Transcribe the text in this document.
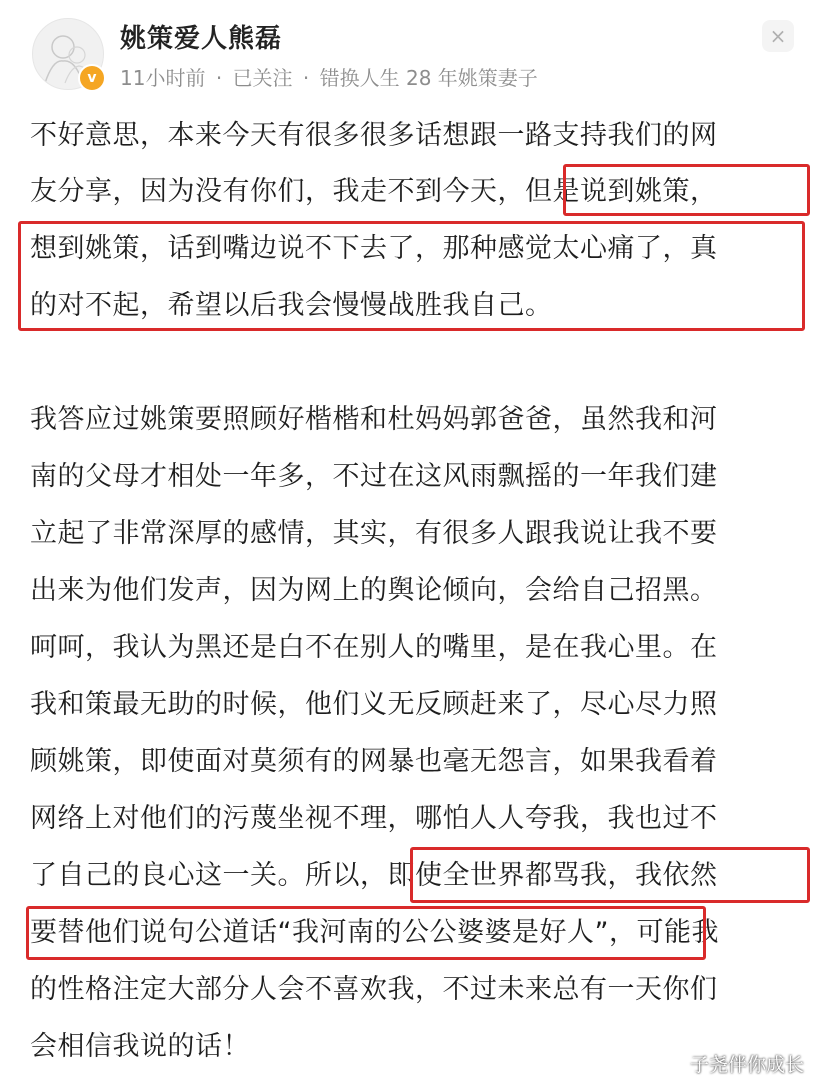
v
姚策爱人熊磊
11小时前 · 已关注 · 错换人生 28 年姚策妻子
×
不好意思，本来今天有很多很多话想跟一路支持我们的网
友分享，因为没有你们，我走不到今天，但是说到姚策，
想到姚策，话到嘴边说不下去了，那种感觉太心痛了，真
的对不起，希望以后我会慢慢战胜我自己。
我答应过姚策要照顾好楷楷和杜妈妈郭爸爸，虽然我和河
南的父母才相处一年多，不过在这风雨飘摇的一年我们建
立起了非常深厚的感情，其实，有很多人跟我说让我不要
出来为他们发声，因为网上的舆论倾向，会给自己招黑。
呵呵，我认为黑还是白不在别人的嘴里，是在我心里。在
我和策最无助的时候，他们义无反顾赶来了，尽心尽力照
顾姚策，即使面对莫须有的网暴也毫无怨言，如果我看着
网络上对他们的污蔑坐视不理，哪怕人人夸我，我也过不
了自己的良心这一关。所以，即使全世界都骂我，我依然
要替他们说句公道话“我河南的公公婆婆是好人”，可能我
的性格注定大部分人会不喜欢我，不过未来总有一天你们
会相信我说的话！
子尧伴你成长
